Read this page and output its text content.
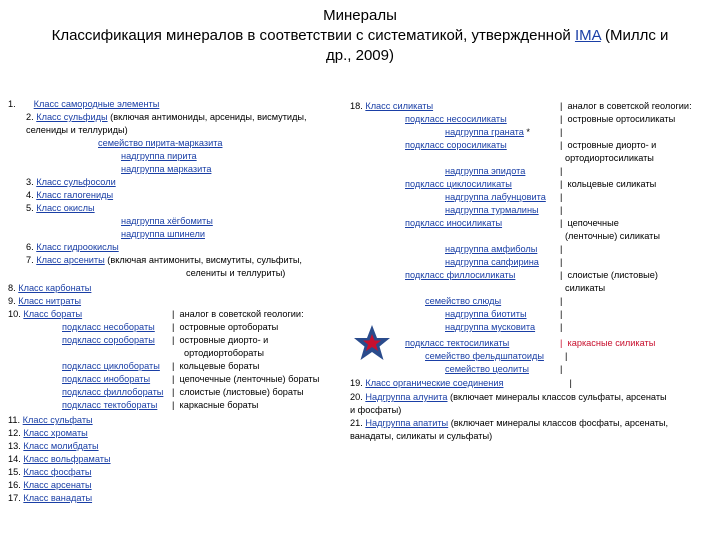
Минералы
Классификация минералов в соответствии с систематикой, утвержденной IMA (Миллс и
др., 2009)
1. Класс самородные элементы
2. Класс сульфиды (включая антимониды, арсениды, висмутиды,
селениды и теллуриды)
семейство пирита-марказита
надгруппа пирита
надгруппа марказита
3. Класс сульфосоли
4. Класс галогениды
5. Класс окислы
надгруппа хёгбомиты
надгруппа шпинели
6. Класс гидроокислы
7. Класс арсениты (включая антимониты, висмутиты, сульфиты,
селениты и теллуриты)
8. Класс карбонаты
9. Класс нитраты
10. Класс бораты	|  аналог в советской геологии:
подкласс несобораты |  островные ортобораты
подкласс соробораты |  островные диорто- и
ортодиортобораты
подкласс циклобораты |  кольцевые бораты
подкласс инобораты |  цепочечные (ленточные) бораты
подкласс филлобораты |  слоистые (листовые) бораты
подкласс тектобораты |  каркасные бораты
11. Класс сульфаты
12. Класс хроматы
13. Класс молибдаты
14. Класс вольфраматы
15. Класс фосфаты
16. Класс арсенаты
17. Класс ванадаты
18. Класс силикаты	|  аналог в советской геологии:
подкласс несосиликаты	|  островные ортосиликаты
надгруппа граната *	|
подкласс соросиликаты	|  островные диорто- и
ортодиортосиликаты
надгруппа эпидота	|
подкласс циклосиликаты	|  кольцевые силикаты
надгруппа лабунцовита |
надгруппа турмалины |
подкласс иносиликаты	|  цепочечные
(ленточные) силикаты
надгруппа амфиболы |
надгруппа сапфирина |
подкласс филлосиликаты	|  слоистые (листовые)
силикаты
семейство слюды	|
надгруппа биотиты	|
надгруппа мусковита	|
подкласс тектосиликаты	|  каркасные силикаты
семейство фельдшпатоиды |
семейство цеолиты	|
19. Класс органические соединения	|
20. Надгруппа алунита (включает минералы классов сульфаты, арсенаты
и фосфаты)
21. Надгруппа апатиты (включает минералы классов фосфаты, арсенаты,
ванадаты, силикаты и сульфаты)
